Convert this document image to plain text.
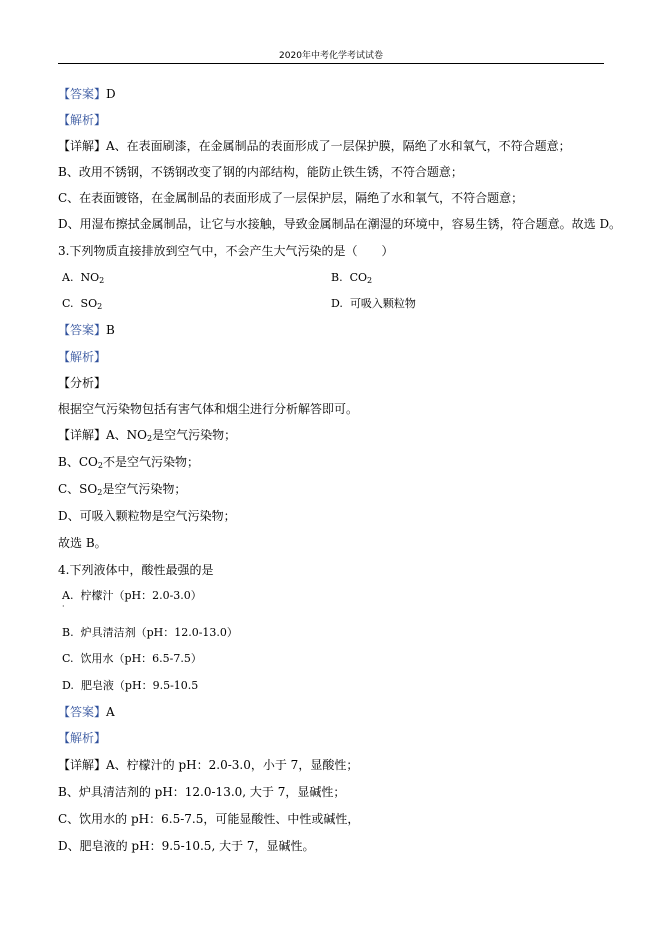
2020年中考化学考试试卷
【答案】D
【解析】
【详解】A、在表面刷漆，在金属制品的表面形成了一层保护膜，隔绝了水和氧气，不符合题意；
B、改用不锈钢，不锈钢改变了钢的内部结构，能防止铁生锈，不符合题意；
C、在表面镀铬，在金属制品的表面形成了一层保护层，隔绝了水和氧气，不符合题意；
D、用湿布擦拭金属制品，让它与水接触，导致金属制品在潮湿的环境中，容易生锈，符合题意。故选 D。
3.下列物质直接排放到空气中，不会产生大气污染的是（　　）
A. $NO_2$	B. $CO_2$
C. $SO_2$	D. 可吸入颗粒物
【答案】B
【解析】
【分析】
根据空气污染物包括有害气体和烟尘进行分析解答即可。
【详解】A、$NO_2$是空气污染物；
B、$CO_2$不是空气污染物；
C、$SO_2$是空气污染物；
D、可吸入颗粒物是空气污染物；
故选 B。
4.下列液体中，酸性最强的是
A. 柠檬汁（pH：2.0-3.0）
·
B. 炉具清洁剂（pH：12.0-13.0）
C. 饮用水（pH：6.5-7.5）
D. 肥皂液（pH：9.5-10.5
【答案】A
【解析】
【详解】A、柠檬汁的 pH：2.0-3.0，小于 7，显酸性；
B、炉具清洁剂的 pH：12.0-13.0, 大于 7，显碱性；
C、饮用水的 pH：6.5-7.5，可能显酸性、中性或碱性，
D、肥皂液的 pH：9.5-10.5, 大于 7，显碱性。
